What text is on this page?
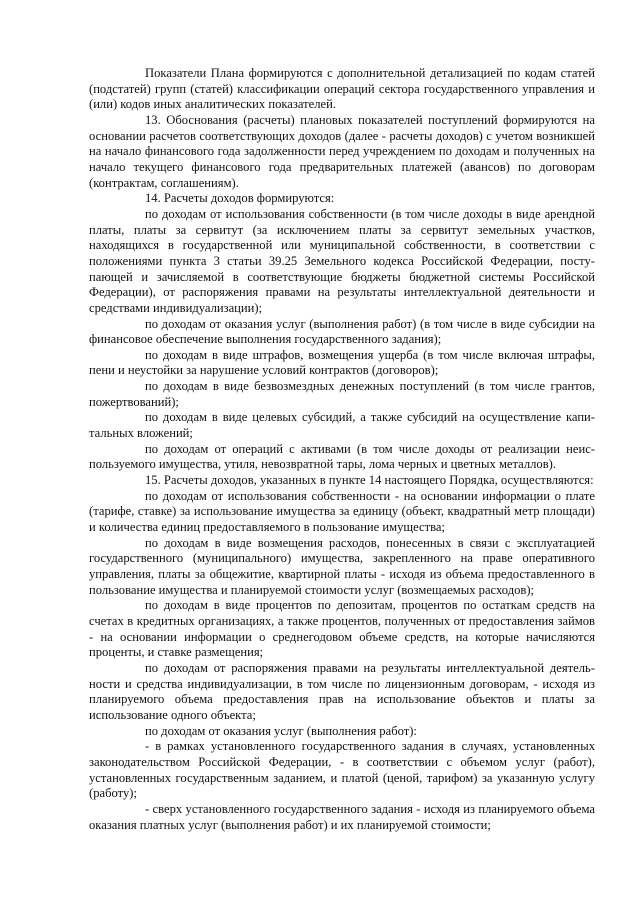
Показатели Плана формируются с дополнительной детализацией по кодам статей (подстатей) групп (статей) классификации операций сектора государственного управления и (или) кодов иных аналитических показателей.

13. Обоснования (расчеты) плановых показателей поступлений формируются на основании расчетов соответствующих доходов (далее - расчеты доходов) с учетом возникшей на начало финансового года задолженности перед учреждением по доходам и полученных на начало текущего финансового года предварительных платежей (авансов) по договорам (контрактам, соглашениям).

14. Расчеты доходов формируются:

по доходам от использования собственности (в том числе доходы в виде арендной платы, платы за сервитут (за исключением платы за сервитут земельных участков, находящихся в государственной или муниципальной собственности, в соответствии с положениями пункта 3 статьи 39.25 Земельного кодекса Российской Федерации, поступающей и зачисляемой в соответствующие бюджеты бюджетной системы Российской Федерации), от распоряжения правами на результаты интеллектуальной деятельности и средствами индивидуализации);

по доходам от оказания услуг (выполнения работ) (в том числе в виде субсидии на финансовое обеспечение выполнения государственного задания);

по доходам в виде штрафов, возмещения ущерба (в том числе включая штрафы, пени и неустойки за нарушение условий контрактов (договоров);

по доходам в виде безвозмездных денежных поступлений (в том числе грантов, пожертвований);

по доходам в виде целевых субсидий, а также субсидий на осуществление капитальных вложений;

по доходам от операций с активами (в том числе доходы от реализации неиспользуемого имущества, утиля, невозвратной тары, лома черных и цветных металлов).

15. Расчеты доходов, указанных в пункте 14 настоящего Порядка, осуществляются:

по доходам от использования собственности - на основании информации о плате (тарифе, ставке) за использование имущества за единицу (объект, квадратный метр площади) и количества единиц предоставляемого в пользование имущества;

по доходам в виде возмещения расходов, понесенных в связи с эксплуатацией государственного (муниципального) имущества, закрепленного на праве оперативного управления, платы за общежитие, квартирной платы - исходя из объема предоставленного в пользование имущества и планируемой стоимости услуг (возмещаемых расходов);

по доходам в виде процентов по депозитам, процентов по остаткам средств на счетах в кредитных организациях, а также процентов, полученных от предоставления займов - на основании информации о среднегодовом объеме средств, на которые начисляются проценты, и ставке размещения;

по доходам от распоряжения правами на результаты интеллектуальной деятельности и средства индивидуализации, в том числе по лицензионным договорам, - исходя из планируемого объема предоставления прав на использование объектов и платы за использование одного объекта;

по доходам от оказания услуг (выполнения работ):

- в рамках установленного государственного задания в случаях, установленных законодательством Российской Федерации, - в соответствии с объемом услуг (работ), установленных государственным заданием, и платой (ценой, тарифом) за указанную услугу (работу);

- сверх установленного государственного задания - исходя из планируемого объема оказания платных услуг (выполнения работ) и их планируемой стоимости;
